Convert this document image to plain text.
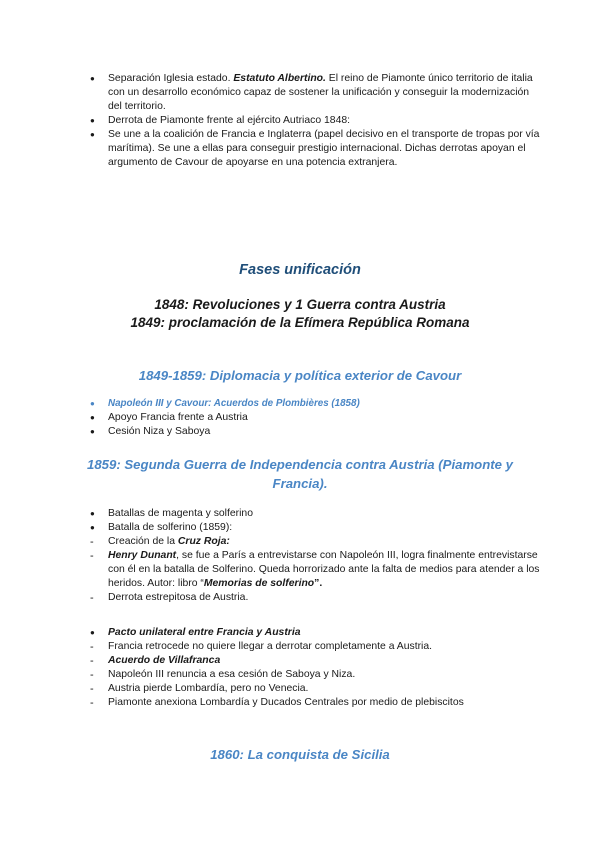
●
Separación Iglesia estado. Estatuto Albertino. El reino de Piamonte único territorio de italia con un desarrollo económico capaz de sostener la unificación y conseguir la modernización del territorio.
●
Derrota de Piamonte frente al ejército Autriaco 1848:
●
Se une a la coalición de Francia e Inglaterra (papel decisivo en el transporte de tropas por vía marítima). Se une a ellas para conseguir prestigio internacional. Dichas derrotas apoyan el argumento de Cavour de apoyarse en una potencia extranjera.
Fases unificación
1848: Revoluciones y 1 Guerra contra Austria
1849: proclamación de la Efímera República Romana
1849-1859: Diplomacia y política exterior de Cavour
●
Napoleón III y Cavour: Acuerdos de Plombières (1858)
●
Apoyo Francia frente a Austria
●
Cesión Niza y Saboya
1859: Segunda Guerra de Independencia contra Austria (Piamonte y Francia).
●
Batallas de magenta y solferino
●
Batalla de solferino (1859):
-
Creación de la Cruz Roja:
-
Henry Dunant, se fue a París a entrevistarse con Napoleón III, logra finalmente entrevistarse con él en la batalla de Solferino. Queda horrorizado ante la falta de medios para atender a los heridos. Autor: libro “Memorias de solferino”.
-
Derrota estrepitosa de Austria.
●
Pacto unilateral entre Francia y Austria
-
Francia retrocede no quiere llegar a derrotar completamente a Austria.
-
Acuerdo de Villafranca
-
Napoleón III renuncia a esa cesión de Saboya y Niza.
-
Austria pierde Lombardía, pero no Venecia.
-
Piamonte anexiona Lombardía y Ducados Centrales por medio de plebiscitos
1860: La conquista de Sicilia
